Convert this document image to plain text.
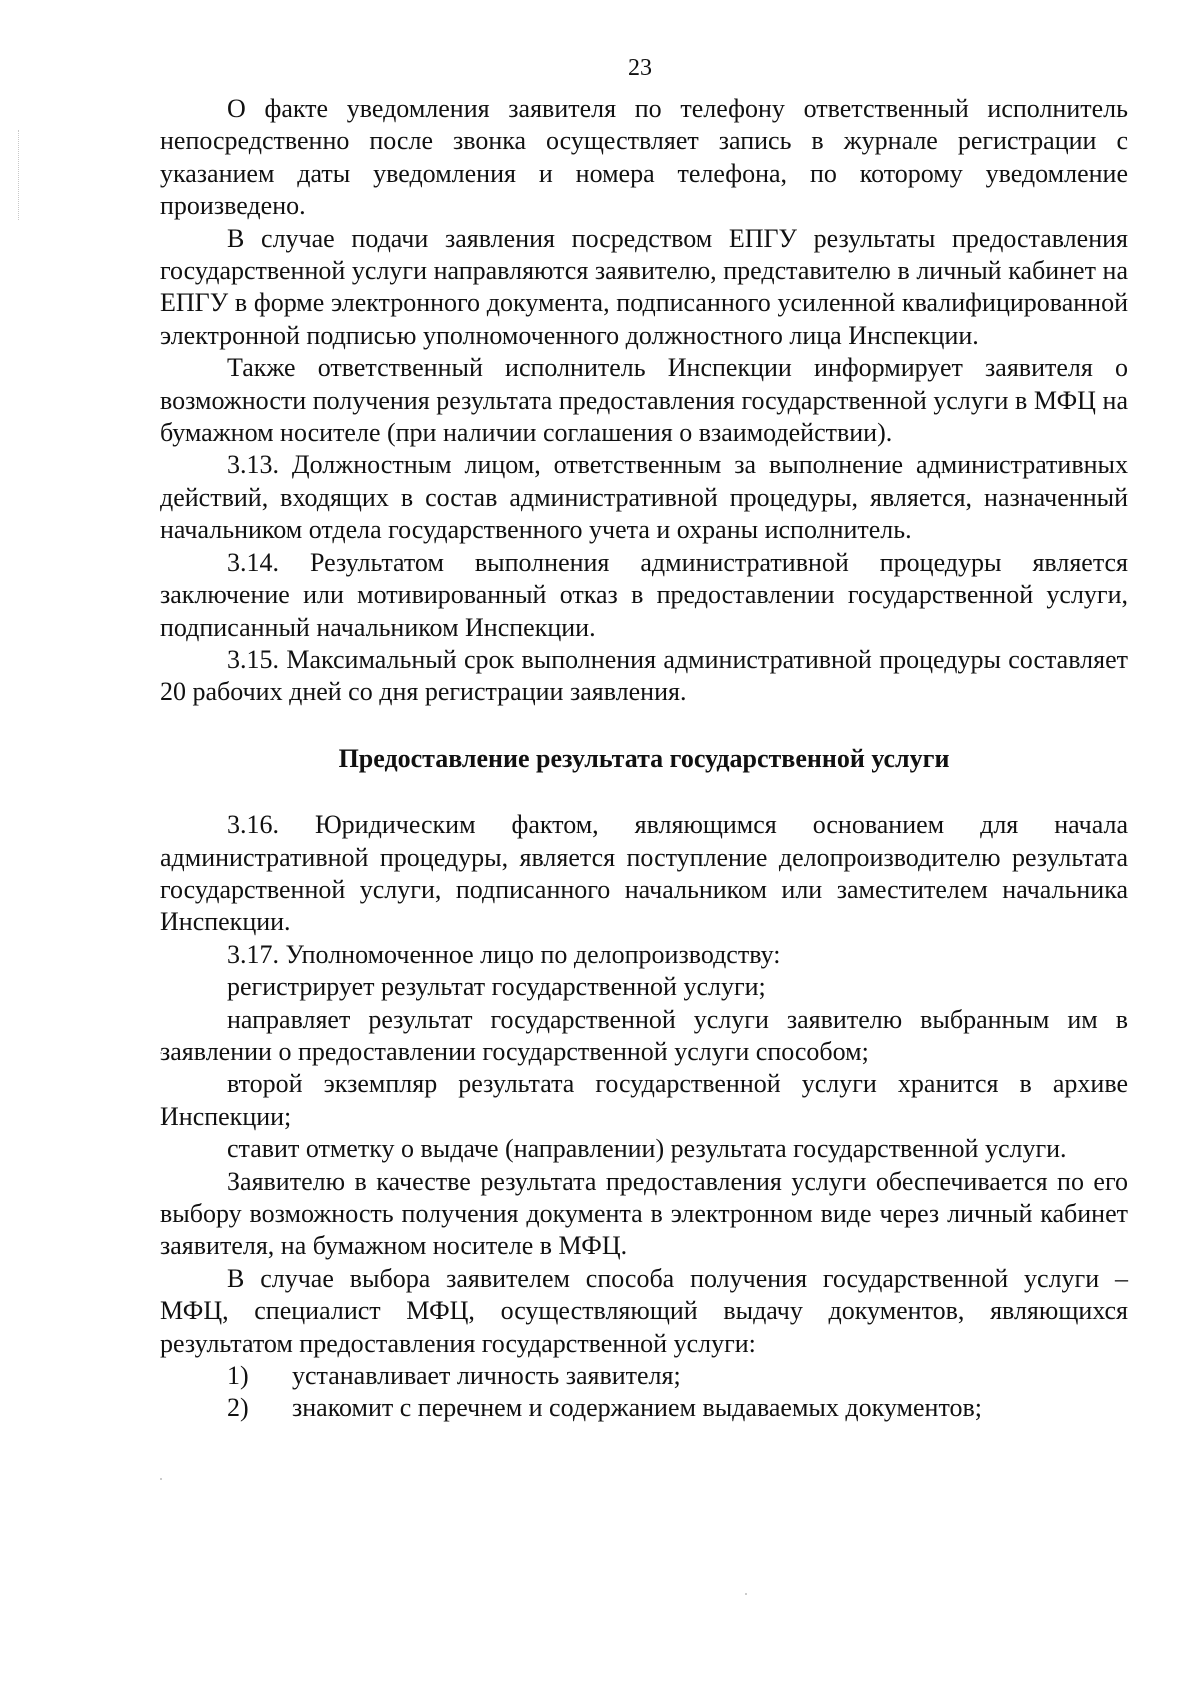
23

О факте уведомления заявителя по телефону ответственный исполнитель непосредственно после звонка осуществляет запись в журнале регистрации с указанием даты уведомления и номера телефона, по которому уведомление произведено.

В случае подачи заявления посредством ЕПГУ результаты предоставления государственной услуги направляются заявителю, представителю в личный кабинет на ЕПГУ в форме электронного документа, подписанного усиленной квалифицированной электронной подписью уполномоченного должностного лица Инспекции.

Также ответственный исполнитель Инспекции информирует заявителя о возможности получения результата предоставления государственной услуги в МФЦ на бумажном носителе (при наличии соглашения о взаимодействии).

3.13. Должностным лицом, ответственным за выполнение административных действий, входящих в состав административной процедуры, является, назначенный начальником отдела государственного учета и охраны исполнитель.

3.14. Результатом выполнения административной процедуры является заключение или мотивированный отказ в предоставлении государственной услуги, подписанный начальником Инспекции.

3.15. Максимальный срок выполнения административной процедуры составляет 20 рабочих дней со дня регистрации заявления.

Предоставление результата государственной услуги

3.16. Юридическим фактом, являющимся основанием для начала административной процедуры, является поступление делопроизводителю результата государственной услуги, подписанного начальником или заместителем начальника Инспекции.

3.17. Уполномоченное лицо по делопроизводству:

регистрирует результат государственной услуги;

направляет результат государственной услуги заявителю выбранным им в заявлении о предоставлении государственной услуги способом;

второй экземпляр результата государственной услуги хранится в архиве Инспекции;

ставит отметку о выдаче (направлении) результата государственной услуги.

Заявителю в качестве результата предоставления услуги обеспечивается по его выбору возможность получения документа в электронном виде через личный кабинет заявителя, на бумажном носителе в МФЦ.

В случае выбора заявителем способа получения государственной услуги – МФЦ, специалист МФЦ, осуществляющий выдачу документов, являющихся результатом предоставления государственной услуги:

1)	устанавливает личность заявителя;
2)	знакомит с перечнем и содержанием выдаваемых документов;
